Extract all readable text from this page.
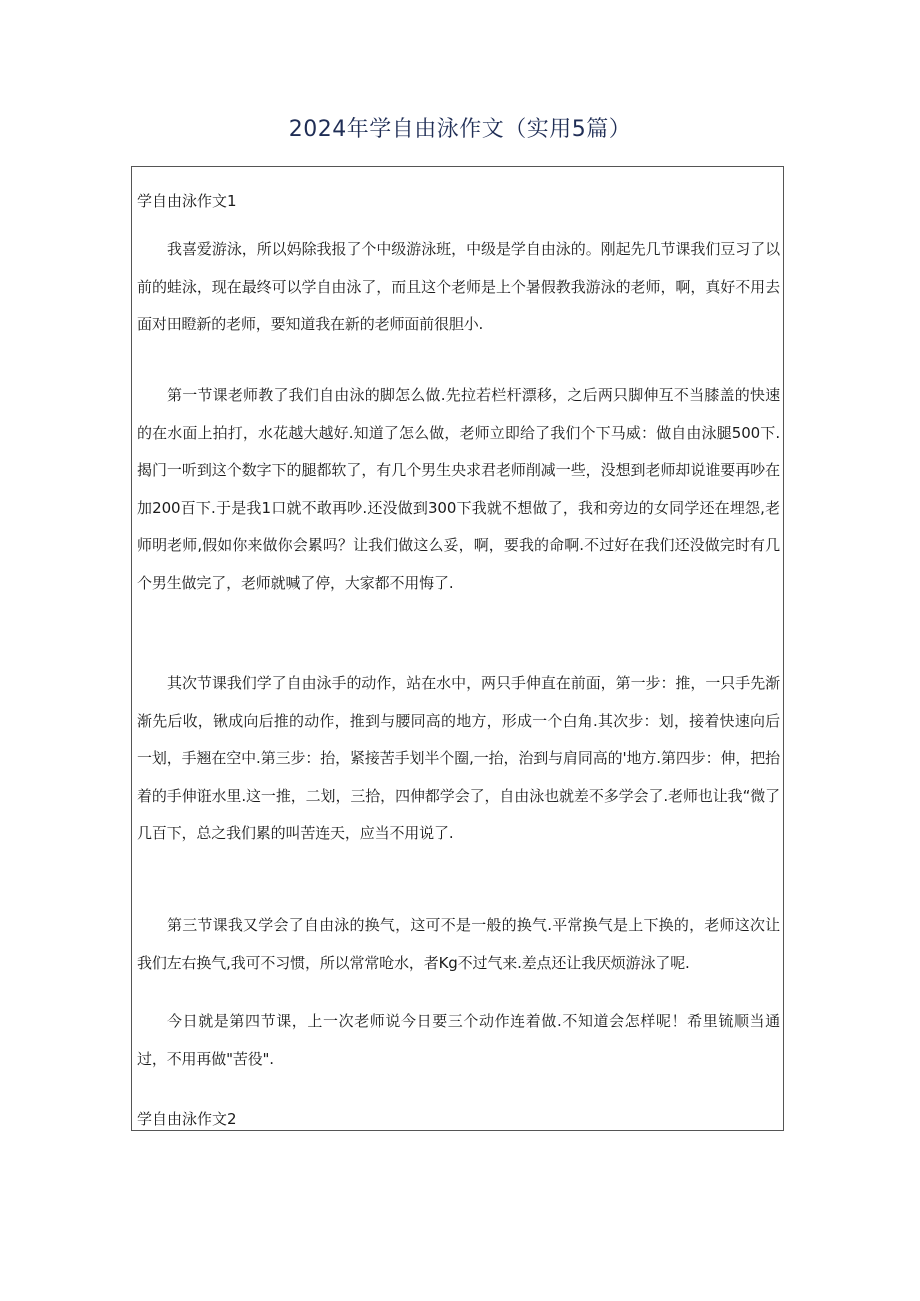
2024年学自由泳作文（实用5篇）
学自由泳作文1

我喜爱游泳，所以妈除我报了个中级游泳班，中级是学自由泳的。刚起先几节课我们豆习了以前的蛙泳，现在最终可以学自由泳了，而且这个老师是上个暑假教我游泳的老师，啊，真好不用去面对田瞪新的老师，要知道我在新的老师面前很胆小.

第一节课老师教了我们自由泳的脚怎么做.先拉若栏杆漂移，之后两只脚伸互不当膝盖的快速的在水面上拍打，水花越大越好.知道了怎么做，老师立即给了我们个下马威：做自由泳腿500下.揭门一听到这个数字下的腿都软了，有几个男生央求君老师削减一些，没想到老师却说谁要再吵在加200百下.于是我1口就不敢再吵.还没做到300下我就不想做了，我和旁边的女同学还在埋怨,老师明老师,假如你来做你会累吗？让我们做这么妥，啊，要我的命啊.不过好在我们还没做完时有几个男生做完了，老师就喊了停，大家都不用悔了.

其次节课我们学了自由泳手的动作，站在水中，两只手伸直在前面，第一步：推，一只手先渐渐先后收，锹成向后推的动作，推到与腰同高的地方，形成一个白角.其次步：划，接着快速向后一划，手翘在空中.第三步：抬，紧接苦手划半个圈,一抬，治到与肩同高的'地方.第四步：伸，把抬着的手伸诳水里.这一推，二划，三拾，四伸都学会了，自由泳也就差不多学会了.老师也让我“微了几百下，总之我们累的叫苦连天，应当不用说了.

第三节课我又学会了自由泳的换气，这可不是一般的换气.平常换气是上下换的，老师这次让我们左右换气,我可不习惯，所以常常呛水，者Kg不过气来.差点还让我厌烦游泳了呢.

今日就是第四节课，上一次老师说今日要三个动作连着做.不知道会怎样呢！希里锍顺当通过，不用再做"苦役".

学自由泳作文2
